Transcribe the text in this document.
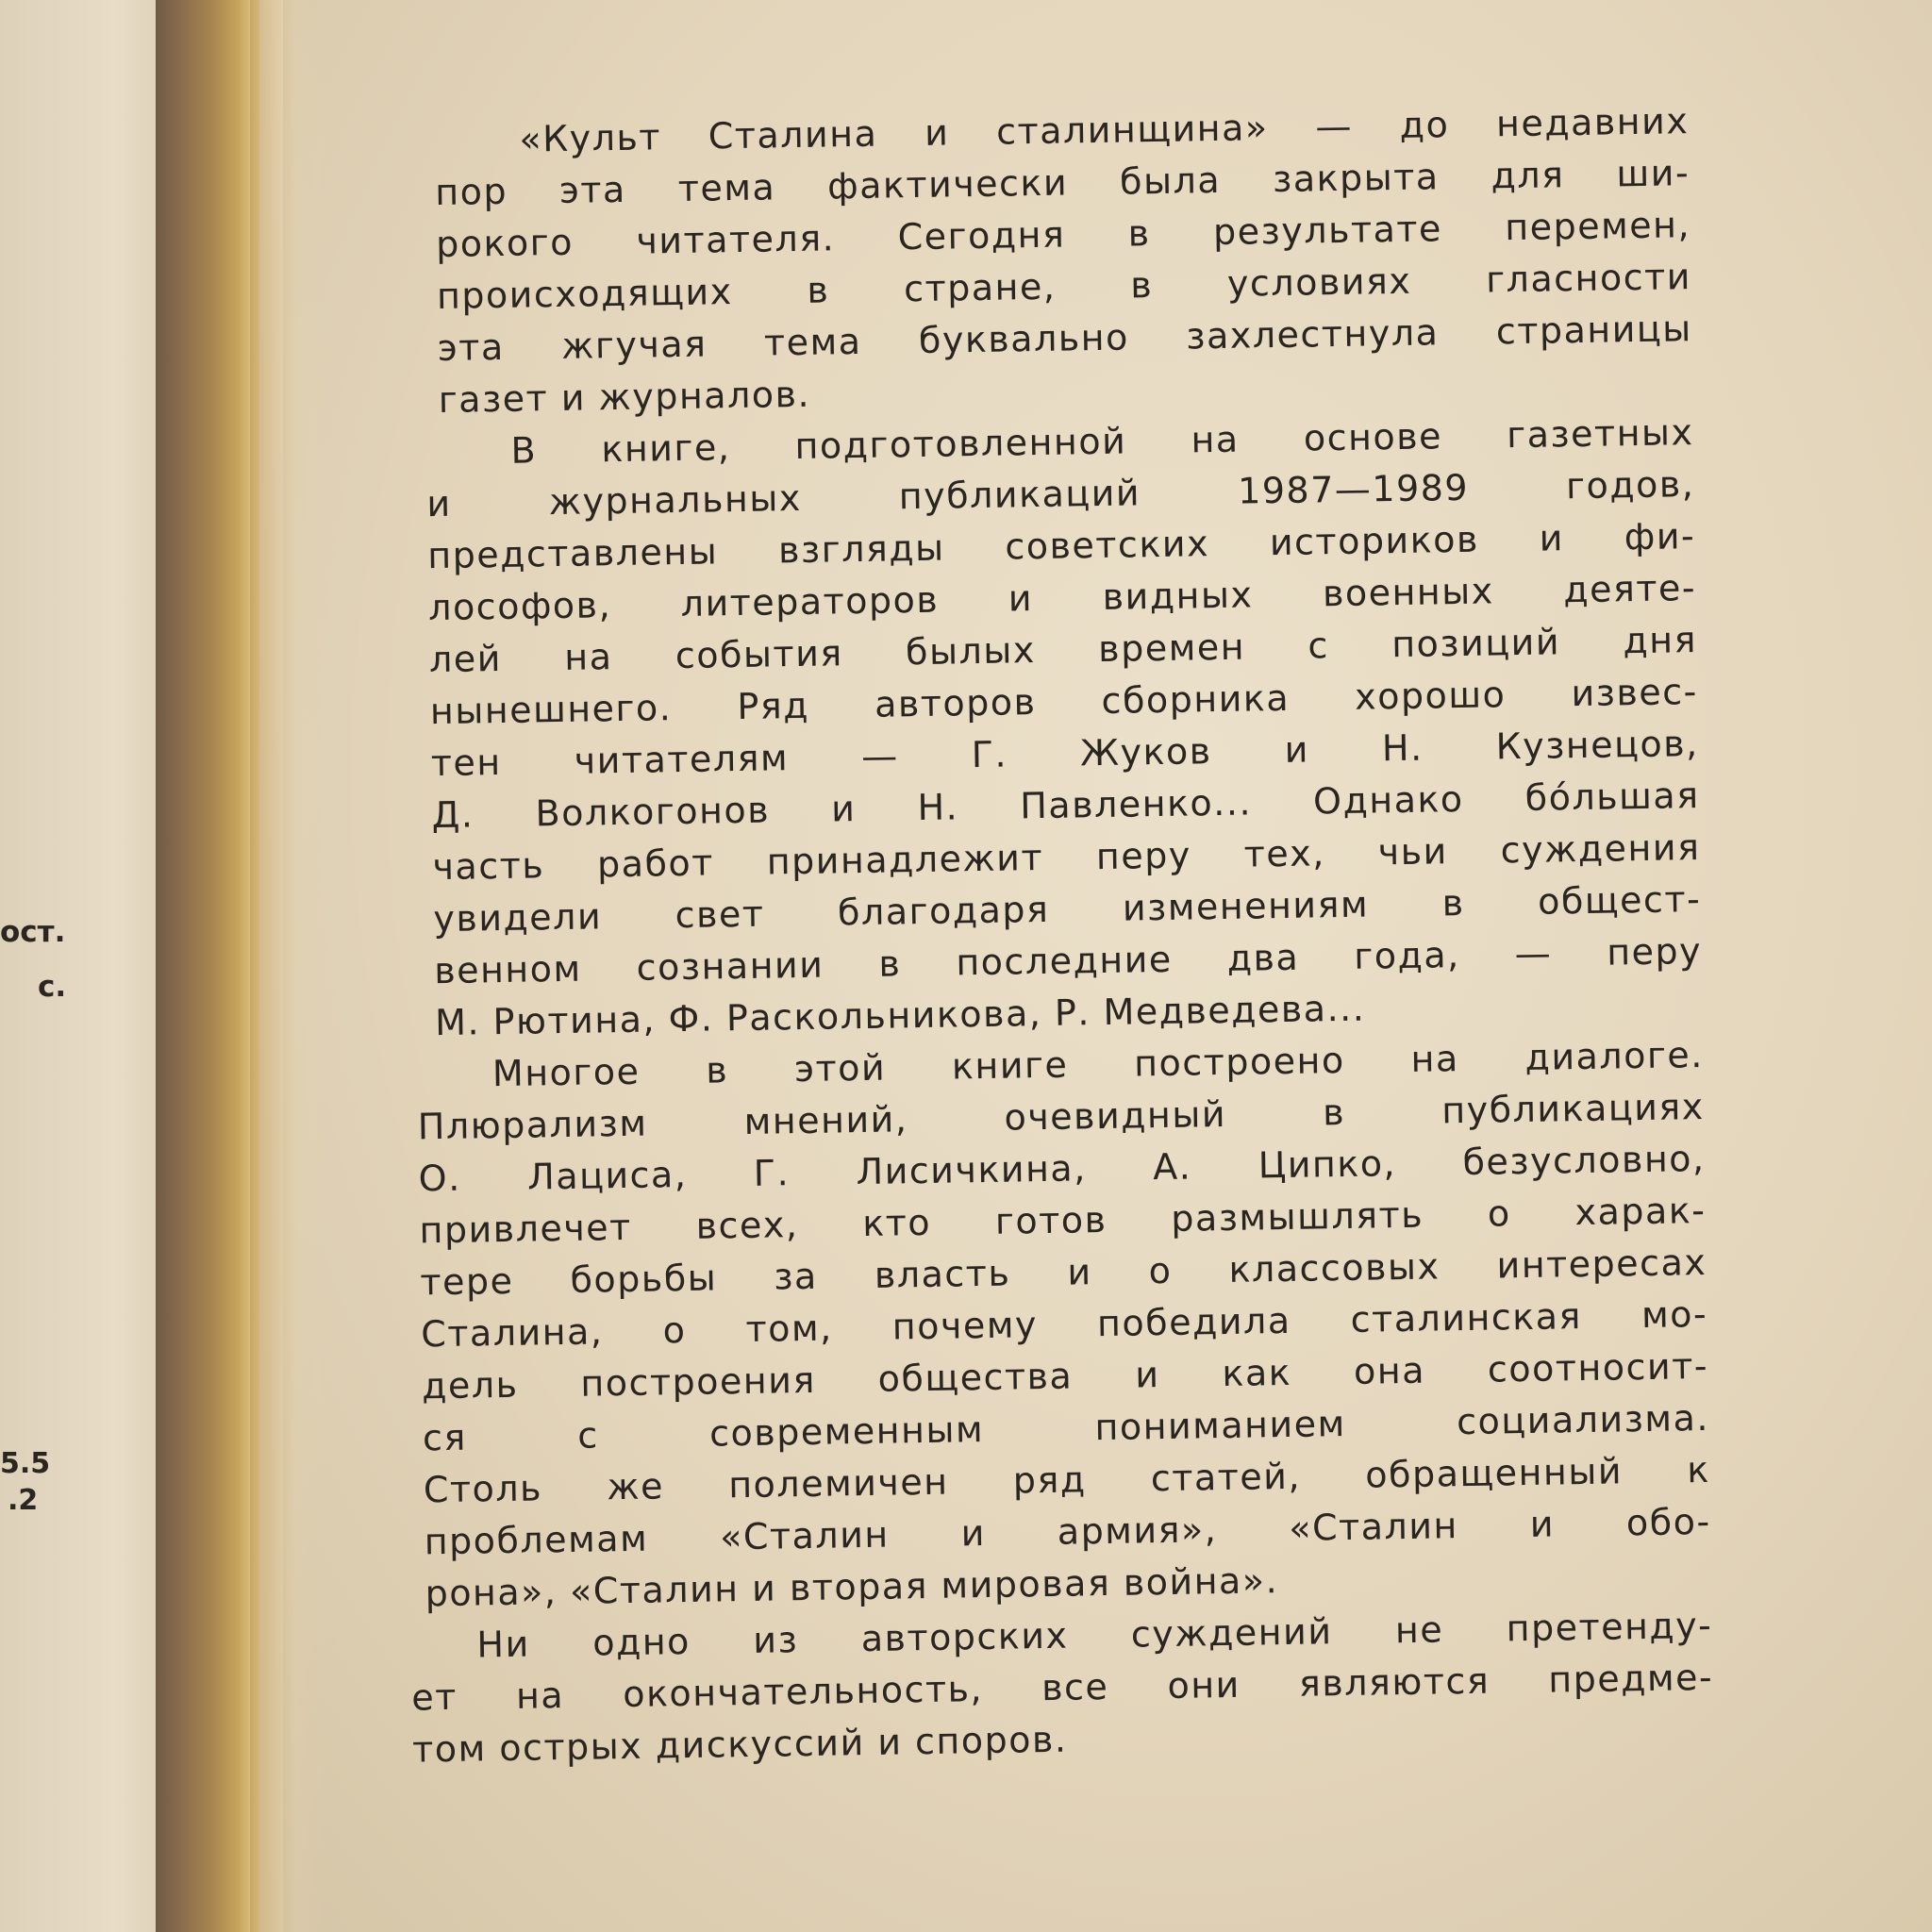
ост.
с.
5.5
.2
«Культ Сталина и сталинщина» — до недавних
пор эта тема фактически была закрыта для ши-
рокого читателя. Сегодня в результате перемен,
происходящих в стране, в условиях гласности
эта жгучая тема буквально захлестнула страницы
газет и журналов.
В книге, подготовленной на основе газетных
и журнальных публикаций 1987—1989 годов,
представлены взгляды советских историков и фи-
лософов, литераторов и видных военных деяте-
лей на события былых времен с позиций дня
нынешнего. Ряд авторов сборника хорошо извес-
тен читателям — Г. Жуков и Н. Кузнецов,
Д. Волкогонов и Н. Павленко... Однако бóльшая
часть работ принадлежит перу тех, чьи суждения
увидели свет благодаря изменениям в общест-
венном сознании в последние два года, — перу
М. Рютина, Ф. Раскольникова, Р. Медведева...
Многое в этой книге построено на диалоге.
Плюрализм мнений, очевидный в публикациях
О. Лациса, Г. Лисичкина, А. Ципко, безусловно,
привлечет всех, кто готов размышлять о харак-
тере борьбы за власть и о классовых интересах
Сталина, о том, почему победила сталинская мо-
дель построения общества и как она соотносит-
ся с современным пониманием социализма.
Столь же полемичен ряд статей, обращенный к
проблемам «Сталин и армия», «Сталин и обо-
рона», «Сталин и вторая мировая война».
Ни одно из авторских суждений не претенду-
ет на окончательность, все они являются предме-
том острых дискуссий и споров.
